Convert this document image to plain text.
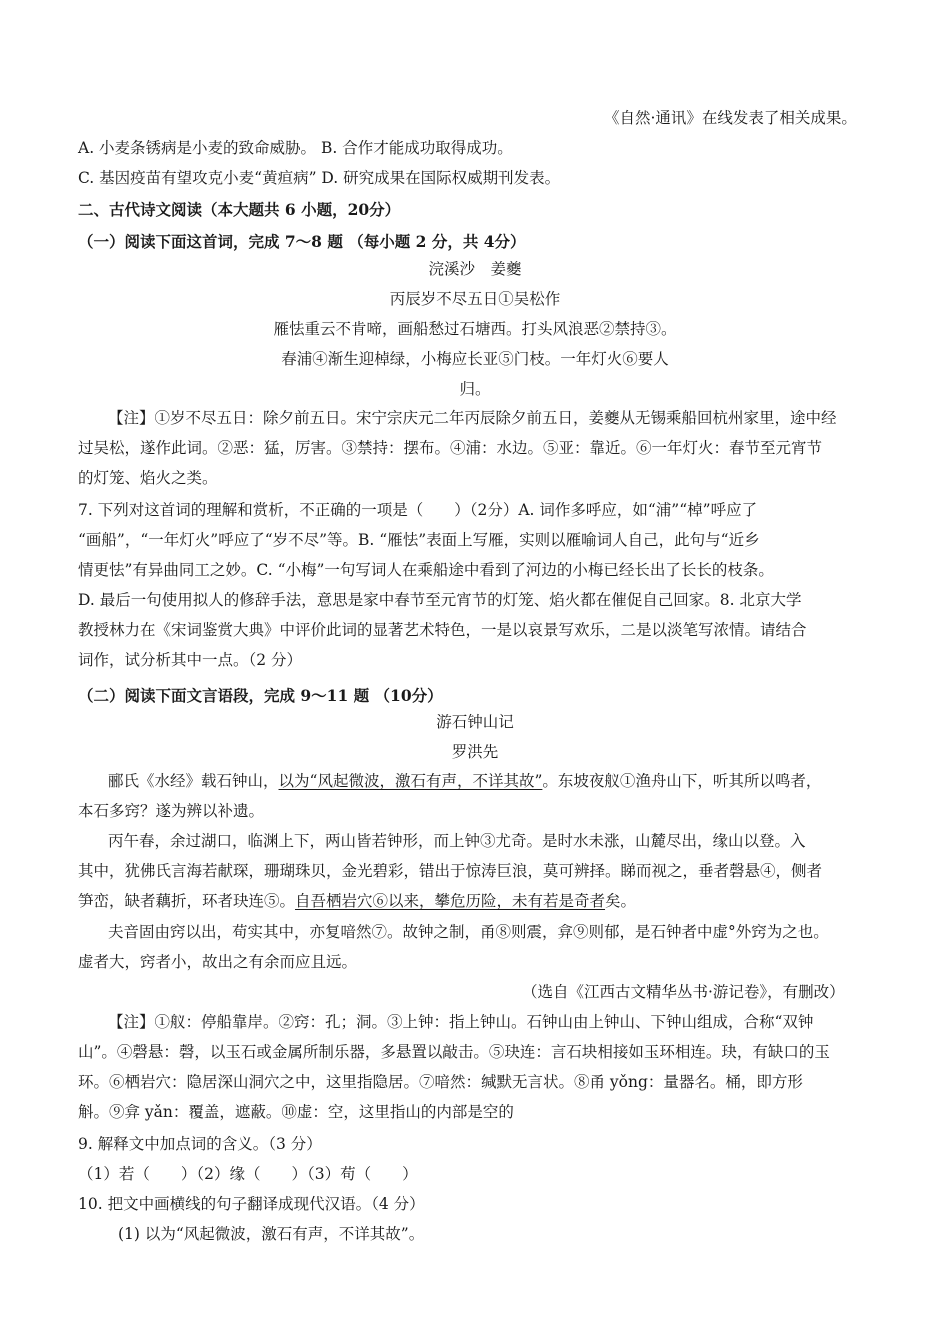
《自然·通讯》在线发表了相关成果。
A. 小麦条锈病是小麦的致命威胁。 B. 合作才能成功取得成功。
C. 基因疫苗有望攻克小麦“黄疸病” D. 研究成果在国际权威期刊发表。
二、古代诗文阅读（本大题共 6 小题，20分）
（一）阅读下面这首词，完成 7～8 题 （每小题 2 分，共 4分）
浣溪沙　姜夔
丙辰岁不尽五日①吴松作
雁怯重云不肯啼，画船愁过石塘西。打头风浪恶②禁持③。
春浦④渐生迎棹绿，小梅应长亚⑤门枝。一年灯火⑥要人
归。
【注】①岁不尽五日：除夕前五日。宋宁宗庆元二年丙辰除夕前五日，姜夔从无锡乘船回杭州家里，途中经
过吴松，遂作此词。②恶：猛，厉害。③禁持：摆布。④浦：水边。⑤亚：靠近。⑥一年灯火：春节至元宵节
的灯笼、焰火之类。
7. 下列对这首词的理解和赏析，不正确的一项是（　　）（2分）A. 词作多呼应，如“浦”“棹”呼应了
“画船”，“一年灯火”呼应了“岁不尽”等。B. “雁怯”表面上写雁，实则以雁喻词人自己，此句与“近乡
情更怯”有异曲同工之妙。C. “小梅”一句写词人在乘船途中看到了河边的小梅已经长出了长长的枝条。
D. 最后一句使用拟人的修辞手法，意思是家中春节至元宵节的灯笼、焰火都在催促自己回家。8. 北京大学
教授林力在《宋词鉴赏大典》中评价此词的显著艺术特色，一是以哀景写欢乐，二是以淡笔写浓情。请结合
词作，试分析其中一点。（2 分）
（二）阅读下面文言语段，完成 9～11 题 （10分）
游石钟山记
罗洪先
郦氏《水经》载石钟山，以为“风起微波，激石有声，不详其故”。东坡夜舣①渔舟山下，听其所以鸣者，
本石多窍？遂为辨以补遗。
丙午春，余过湖口，临渊上下，两山皆若钟形，而上钟③尤奇。是时水未涨，山麓尽出，缘山以登。入
其中，犹佛氏言海若献琛，珊瑚珠贝，金光碧彩，错出于惊涛巨浪，莫可辨择。睇而视之，垂者磬悬④，侧者
笋峦，缺者藕折，环者玦连⑤。自吾栖岩穴⑥以来，攀危历险，未有若是奇者矣。
夫音固由窍以出，苟实其中，亦复喑然⑦。故钟之制，甬⑧则震，弇⑨则郁，是石钟者中虚°外窍为之也。
虚者大，窍者小，故出之有余而应且远。
（选自《江西古文精华丛书·游记卷》，有删改）
【注】①舣：停船靠岸。②窍：孔；洞。③上钟：指上钟山。石钟山由上钟山、下钟山组成，合称“双钟
山”。④磬悬：磬，以玉石或金属所制乐器，多悬置以敲击。⑤玦连：言石块相接如玉环相连。玦，有缺口的玉
环。⑥栖岩穴：隐居深山洞穴之中，这里指隐居。⑦喑然：缄默无言状。⑧甬 yǒng：量器名。桶，即方形
斛。⑨弇 yǎn：覆盖，遮蔽。⑩虚：空，这里指山的内部是空的
9. 解释文中加点词的含义。（3 分）
（1）若（　　）（2）缘（　　）（3）苟（　　）
10. 把文中画横线的句子翻译成现代汉语。（4 分）
(1) 以为“风起微波，激石有声，不详其故”。
